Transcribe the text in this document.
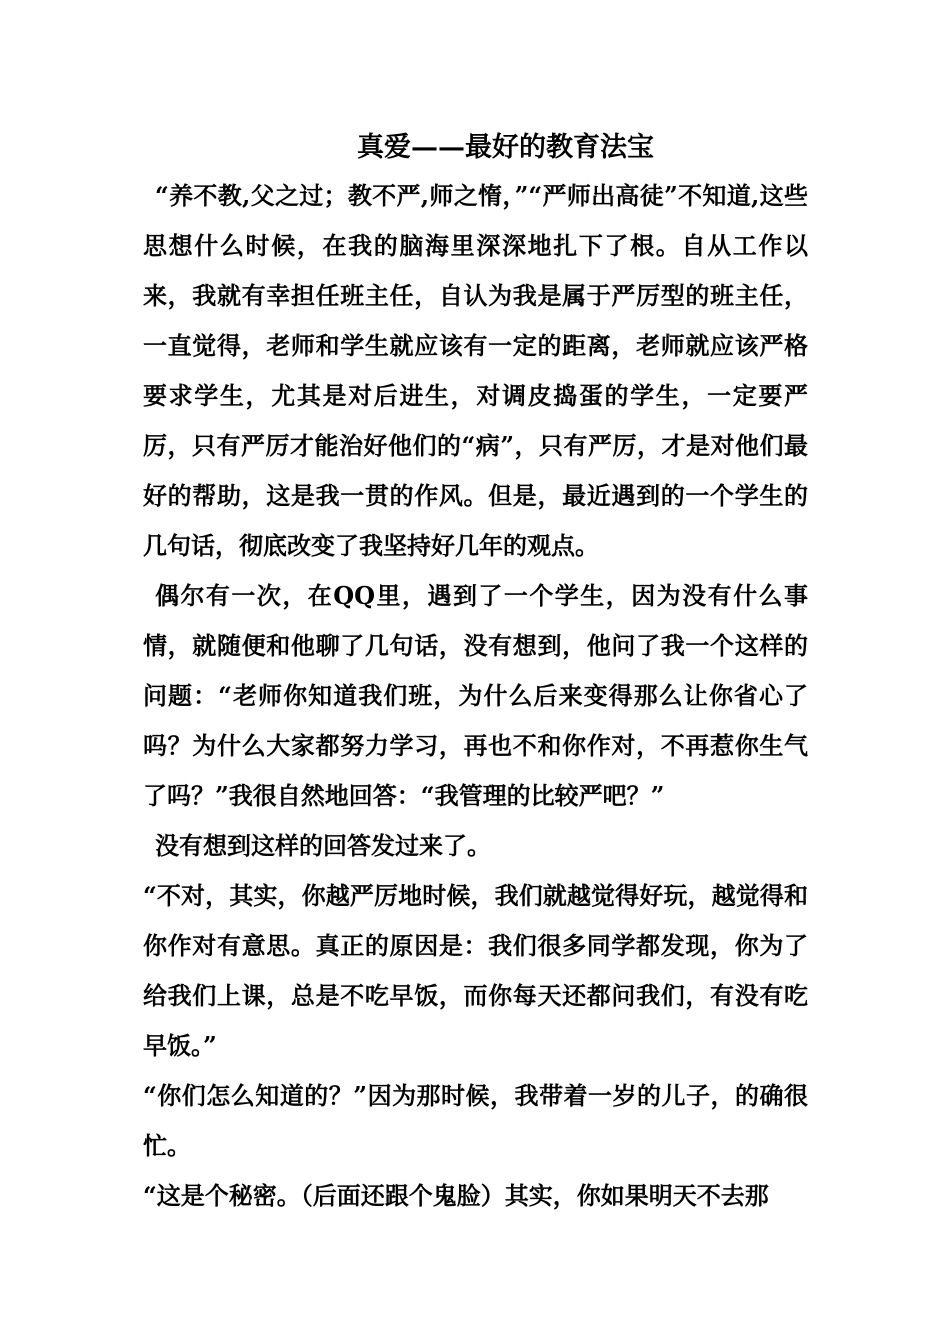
真爱——最好的教育法宝

“养不教,父之过；教不严,师之惰，”“严师出高徒”不知道,这些思想什么时候，在我的脑海里深深地扎下了根。自从工作以来，我就有幸担任班主任，自认为我是属于严厉型的班主任，一直觉得，老师和学生就应该有一定的距离，老师就应该严格要求学生，尤其是对后进生，对调皮捣蛋的学生，一定要严厉，只有严厉才能治好他们的“病”，只有严厉，才是对他们最好的帮助，这是我一贯的作风。但是，最近遇到的一个学生的几句话，彻底改变了我坚持好几年的观点。

偶尔有一次，在QQ里，遇到了一个学生，因为没有什么事情，就随便和他聊了几句话，没有想到，他问了我一个这样的问题：“老师你知道我们班，为什么后来变得那么让你省心了吗？为什么大家都努力学习，再也不和你作对，不再惹你生气了吗？”我很自然地回答：“我管理的比较严吧？”

没有想到这样的回答发过来了。

“不对，其实，你越严厉地时候，我们就越觉得好玩，越觉得和你作对有意思。真正的原因是：我们很多同学都发现，你为了给我们上课，总是不吃早饭，而你每天还都问我们，有没有吃早饭。”

“你们怎么知道的？”因为那时候，我带着一岁的儿子，的确很忙。

“这是个秘密。（后面还跟个鬼脸）其实，你如果明天不去那
